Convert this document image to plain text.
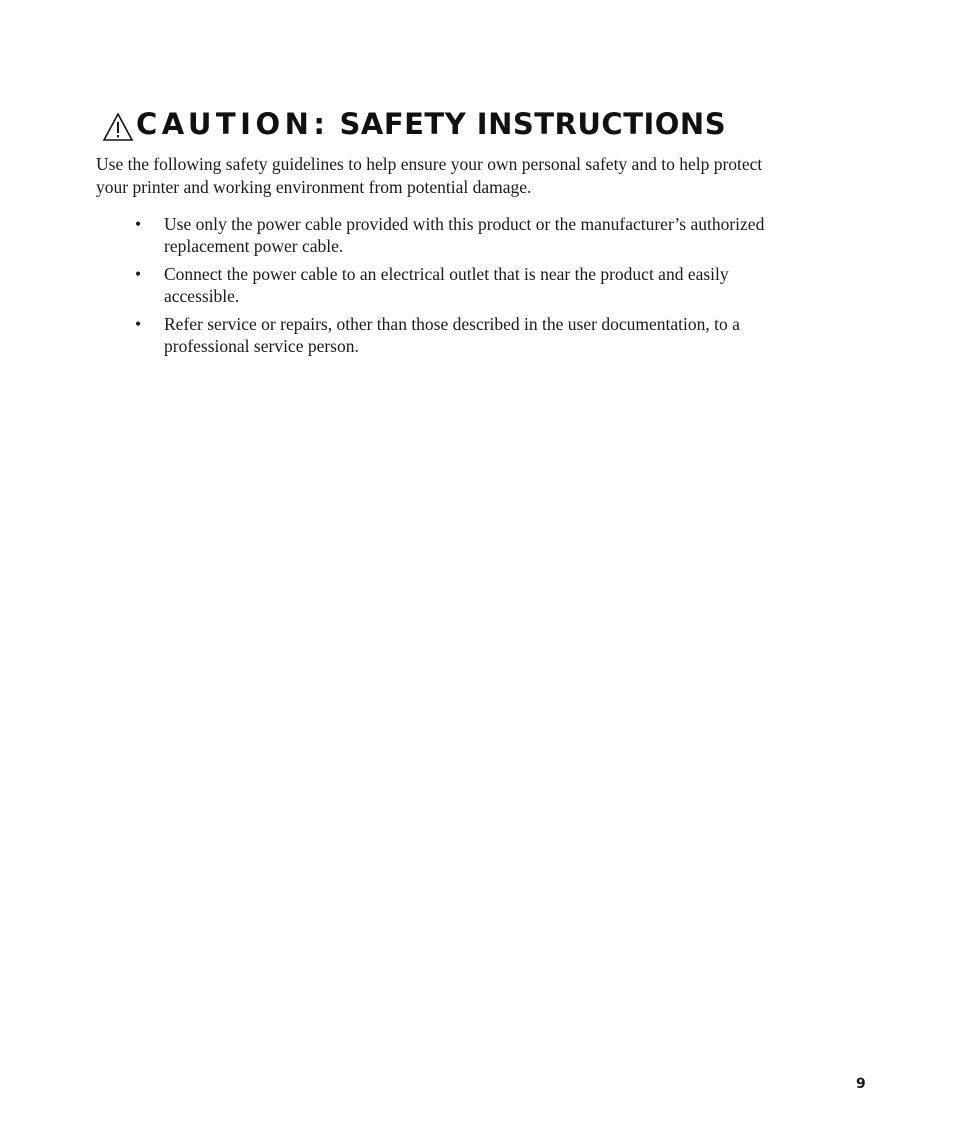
CAUTION: SAFETY INSTRUCTIONS

Use the following safety guidelines to help ensure your own personal safety and to help protect your printer and working environment from potential damage.

• Use only the power cable provided with this product or the manufacturer’s authorized replacement power cable.
• Connect the power cable to an electrical outlet that is near the product and easily accessible.
• Refer service or repairs, other than those described in the user documentation, to a professional service person.
9
